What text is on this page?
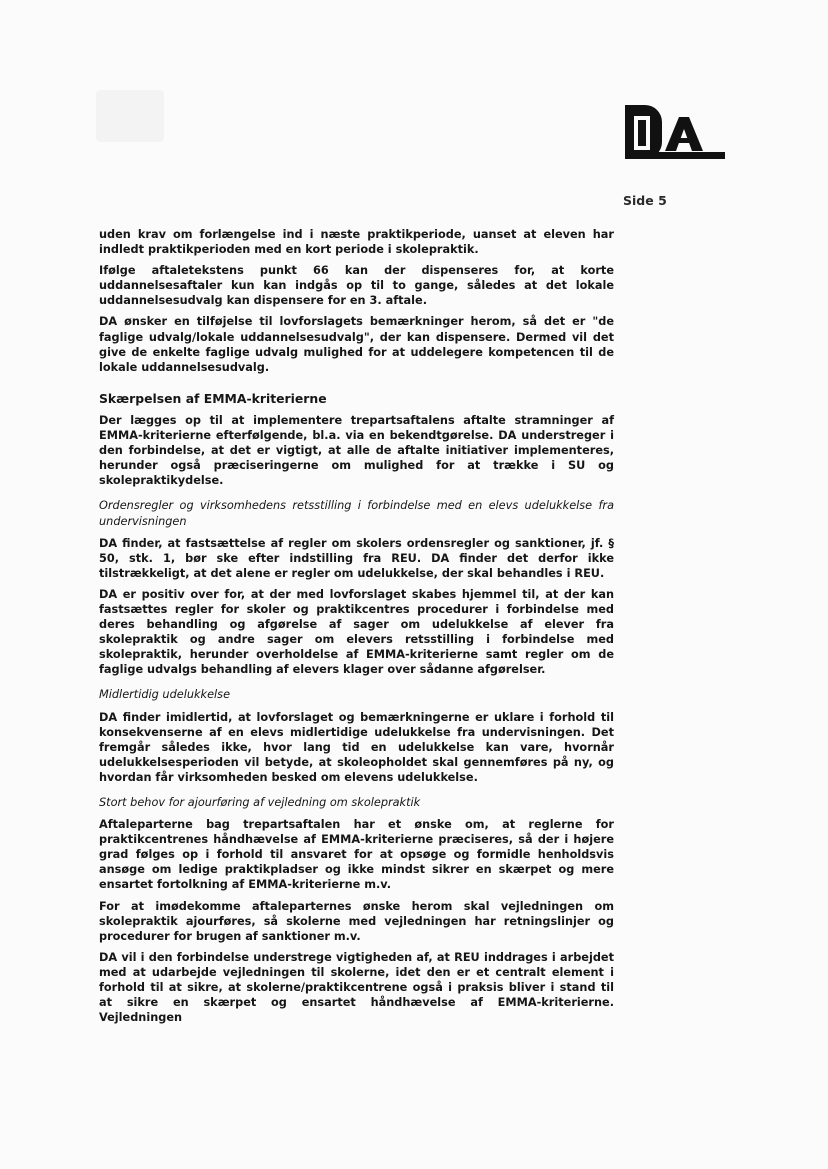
Side 5

uden krav om forlængelse ind i næste praktikperiode, uanset at eleven har indledt praktikperioden med en kort periode i skolepraktik.

Ifølge aftaletekstens punkt 66 kan der dispenseres for, at korte uddannelsesaftaler kun kan indgås op til to gange, således at det lokale uddannelsesudvalg kan dispensere for en 3. aftale.

DA ønsker en tilføjelse til lovforslagets bemærkninger herom, så det er "de faglige udvalg/lokale uddannelsesudvalg", der kan dispensere. Dermed vil det give de enkelte faglige udvalg mulighed for at uddelegere kompetencen til de lokale uddannelsesudvalg.

Skærpelsen af EMMA-kriterierne

Der lægges op til at implementere trepartsaftalens aftalte stramninger af EMMA-kriterierne efterfølgende, bl.a. via en bekendtgørelse. DA understreger i den forbindelse, at det er vigtigt, at alle de aftalte initiativer implementeres, herunder også præciseringerne om mulighed for at trække i SU og skolepraktikydelse.

Ordensregler og virksomhedens retsstilling i forbindelse med en elevs udelukkelse fra undervisningen

DA finder, at fastsættelse af regler om skolers ordensregler og sanktioner, jf. § 50, stk. 1, bør ske efter indstilling fra REU. DA finder det derfor ikke tilstrækkeligt, at det alene er regler om udelukkelse, der skal behandles i REU.

DA er positiv over for, at der med lovforslaget skabes hjemmel til, at der kan fastsættes regler for skoler og praktikcentres procedurer i forbindelse med deres behandling og afgørelse af sager om udelukkelse af elever fra skolepraktik og andre sager om elevers retsstilling i forbindelse med skolepraktik, herunder overholdelse af EMMA-kriterierne samt regler om de faglige udvalgs behandling af elevers klager over sådanne afgørelser.

Midlertidig udelukkelse

DA finder imidlertid, at lovforslaget og bemærkningerne er uklare i forhold til konsekvenserne af en elevs midlertidige udelukkelse fra undervisningen. Det fremgår således ikke, hvor lang tid en udelukkelse kan vare, hvornår udelukkelsesperioden vil betyde, at skoleopholdet skal gennemføres på ny, og hvordan får virksomheden besked om elevens udelukkelse.

Stort behov for ajourføring af vejledning om skolepraktik

Aftaleparterne bag trepartsaftalen har et ønske om, at reglerne for praktikcentrenes håndhævelse af EMMA-kriterierne præciseres, så der i højere grad følges op i forhold til ansvaret for at opsøge og formidle henholdsvis ansøge om ledige praktikpladser og ikke mindst sikrer en skærpet og mere ensartet fortolkning af EMMA-kriterierne m.v.

For at imødekomme aftaleparternes ønske herom skal vejledningen om skolepraktik ajourføres, så skolerne med vejledningen har retningslinjer og procedurer for brugen af sanktioner m.v.

DA vil i den forbindelse understrege vigtigheden af, at REU inddrages i arbejdet med at udarbejde vejledningen til skolerne, idet den er et centralt element i forhold til at sikre, at skolerne/praktikcentrene også i praksis bliver i stand til at sikre en skærpet og ensartet håndhævelse af EMMA-kriterierne. Vejledningen
